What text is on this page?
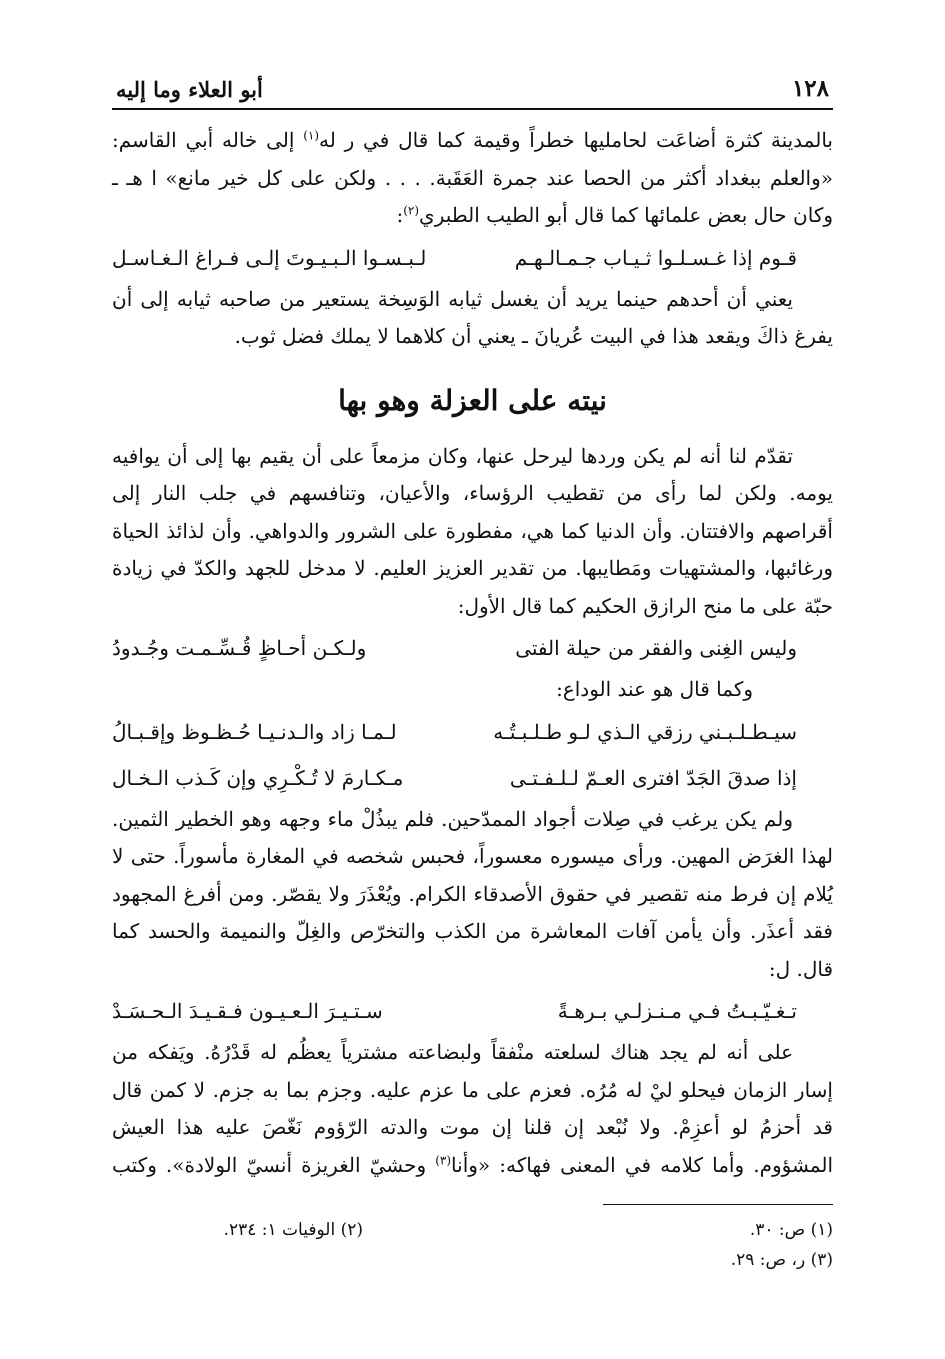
١٢٨
أبو العلاء وما إليه

بالمدينة كثرة أضاعَت لحامليها خطراً وقيمة كما قال في ر له$^{(١)}$ إلى خاله أبي القاسم: «والعلم ببغداد أكثر من الحصا عند جمرة العَقَبة. . . . ولكن على كل خير مانع» ا هـ ـ وكان حال بعض علمائها كما قال أبو الطيب الطبري$^{(٢)}$:

قـوم إذا غـسـلـوا ثـيـاب جـمـالـهـم
لـبـسـوا الـبـيـوتَ إلـى فـراغ الـغـاسـل

يعني أن أحدهم حينما يريد أن يغسل ثيابه الوَسِخة يستعير من صاحبه ثيابه إلى أن يفرغ ذاكَ ويقعد هذا في البيت عُريانَ ـ يعني أن كلاهما لا يملك فضل ثوب.

نيته على العزلة وهو بها

تقدّم لنا أنه لم يكن وردها ليرحل عنها، وكان مزمعاً على أن يقيم بها إلى أن يوافيه يومه. ولكن لما رأى من تقطيب الرؤساء، والأعيان، وتنافسهم في جلب النار إلى أقراصهم والافتتان. وأن الدنيا كما هي، مفطورة على الشرور والدواهي. وأن لذائذ الحياة ورغائبها، والمشتهيات ومَطايبها. من تقدير العزيز العليم. لا مدخل للجهد والكدّ في زيادة حبّة على ما منح الرازق الحكيم كما قال الأول:

وليس الغِنى والفقر من حيلة الفتى
ولـكـن أحـاظٍ قُـسِّـمـت وجُـدودُ

وكما قال هو عند الوداع:

سيـطـلـبـني رزقي الـذي لـو طـلـبـتُـه
لـمـا زاد والـدنـيـا حُـظـوظ وإقـبـالُ
إذا صدقَ الجَدّ افترى العـمّ لـلـفـتـى
مـكـارمَ لا تُـكْـرِي وإن كَـذب الـخـال

ولم يكن يرغب في صِلات أجواد الممدّحين. فلم يبذُلْ ماء وجهه وهو الخطير الثمين. لهذا الغرَض المهين. ورأى ميسوره معسوراً، فحبس شخصه في المغارة مأسوراً. حتى لا يُلام إن فرط منه تقصير في حقوق الأصدقاء الكرام. ويُعْذَرَ ولا يقصّر. ومن أفرغ المجهود فقد أعذَر. وأن يأمن آفات المعاشرة من الكذب والتخرّص والغِلّ والنميمة والحسد كما قال. ل:

تـغـيّـبـتُ فـي مـنـزلـي بـرهـةً
سـتـيـرَ الـعـيـون فـقـيـدَ الـحـسَـدْ

على أنه لم يجد هناك لسلعته منْفقاً ولبضاعته مشترياً يعظُم له قَدْرُهُ. ويَفكه من إسار الزمان فيحلو ليْ له مُرُه. فعزم على ما عزم عليه. وجزم بما به جزم. لا كمن قال قد أحزمُ لو أعزِمْ. ولا نُبْعد إن قلنا إن موت والدته الرّؤوم نَغّصَ عليه هذا العيش المشؤوم. وأما كلامه في المعنى فهاكه: «وأنا$^{(٣)}$ وحشيّ الغريزة أنسيّ الولادة». وكتب

(١) ص: ٣٠.
(٢) الوفيات ١: ٢٣٤.
(٣) ر، ص: ٢٩.
